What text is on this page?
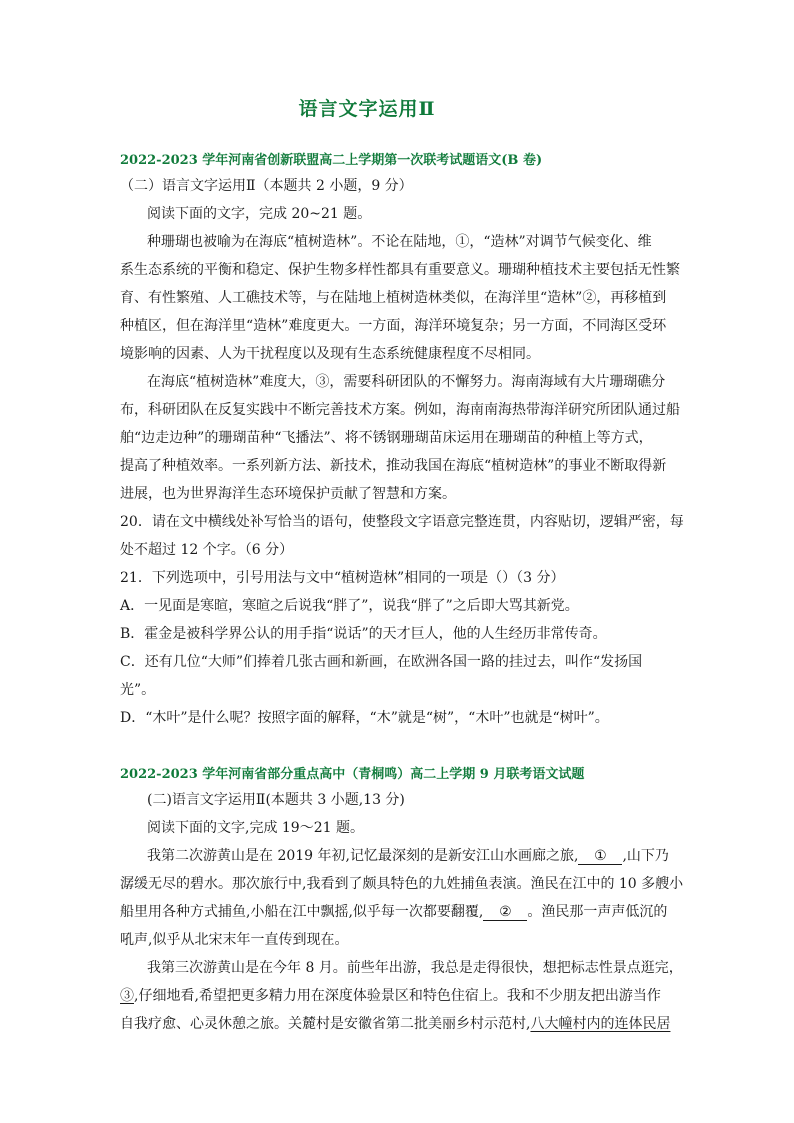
语言文字运用Ⅱ
2022-2023 学年河南省创新联盟高二上学期第一次联考试题语文(B 卷)
（二）语言文字运用Ⅱ（本题共 2 小题，9 分）
阅读下面的文字，完成 20~21 题。
种珊瑚也被喻为在海底“植树造林”。不论在陆地，①，“造林”对调节气候变化、维
系生态系统的平衡和稳定、保护生物多样性都具有重要意义。珊瑚种植技术主要包括无性繁
育、有性繁殖、人工礁技术等，与在陆地上植树造林类似，在海洋里“造林”②，再移植到
种植区，但在海洋里“造林”难度更大。一方面，海洋环境复杂；另一方面，不同海区受环
境影响的因素、人为干扰程度以及现有生态系统健康程度不尽相同。
在海底“植树造林”难度大，③，需要科研团队的不懈努力。海南海域有大片珊瑚礁分
布，科研团队在反复实践中不断完善技术方案。例如，海南南海热带海洋研究所团队通过船
舶“边走边种”的珊瑚苗种“飞播法”、将不锈钢珊瑚苗床运用在珊瑚苗的种植上等方式，
提高了种植效率。一系列新方法、新技术，推动我国在海底“植树造林”的事业不断取得新
进展，也为世界海洋生态环境保护贡献了智慧和方案。
20．请在文中横线处补写恰当的语句，使整段文字语意完整连贯，内容贴切，逻辑严密，每
处不超过 12 个字。（6 分）
21．下列选项中，引号用法与文中“植树造林”相同的一项是（）（3 分）
A．一见面是寒暄，寒暄之后说我“胖了”，说我“胖了”之后即大骂其新党。
B．霍金是被科学界公认的用手指“说话”的天才巨人，他的人生经历非常传奇。
C．还有几位“大师”们捧着几张古画和新画，在欧洲各国一路的挂过去，叫作“发扬国
光”。
D．“木叶”是什么呢？按照字面的解释，“木”就是“树”，“木叶”也就是“树叶”。
2022-2023 学年河南省部分重点高中（青桐鸣）高二上学期 9 月联考语文试题
(二)语言文字运用Ⅱ(本题共 3 小题,13 分)
阅读下面的文字,完成 19～21 题。
我第二次游黄山是在 2019 年初,记忆最深刻的是新安江山水画廊之旅, ① ,山下乃
潺缓无尽的碧水。那次旅行中,我看到了颇具特色的九姓捕鱼表演。渔民在江中的 10 多艘小
船里用各种方式捕鱼,小船在江中飘摇,似乎每一次都要翻覆, ② 。渔民那一声声低沉的
吼声,似乎从北宋末年一直传到现在。
我第三次游黄山是在今年 8 月。前些年出游，我总是走得很快，想把标志性景点逛完，
③,仔细地看,希望把更多精力用在深度体验景区和特色住宿上。我和不少朋友把出游当作
自我疗愈、心灵休憩之旅。关麓村是安徽省第二批美丽乡村示范村,八大幢村内的连体民居
